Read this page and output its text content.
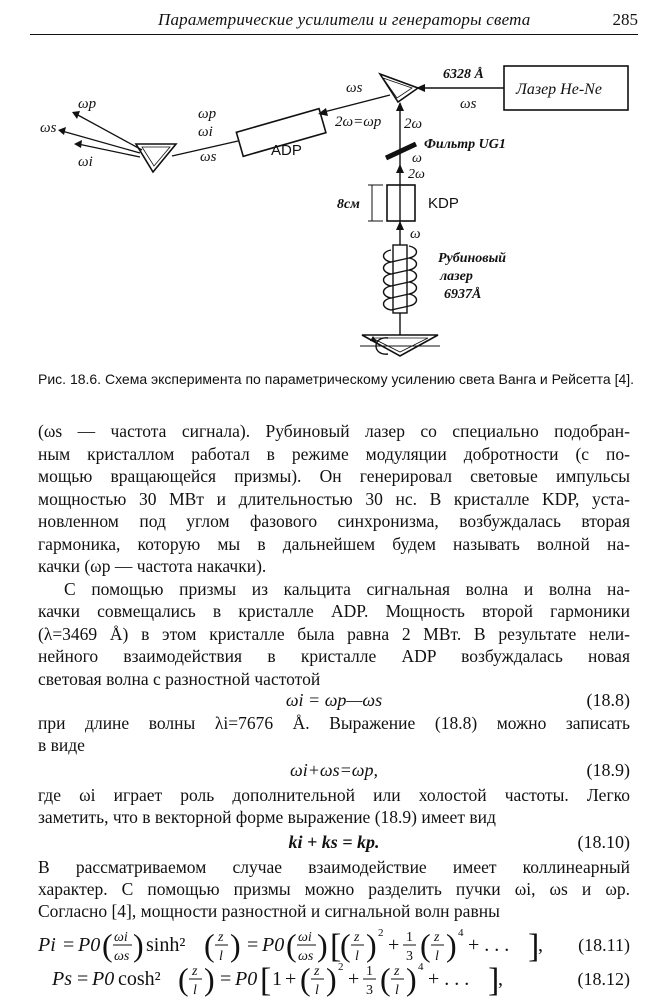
Параметрические усилители и генераторы света	285
Лазер He-Ne
6328 Å
ωs
ωs
2ω=ωp 2ω
ADP
ωp
ωi
ωs
ωp
ωs
ωi
Фильтр UG1
ω
2ω
KDP
8см
ω
Рубиновый
лазер
6937Å
Рис. 18.6. Схема эксперимента по параметрическому усилению света Ванга и Рейсетта [4].
(ωs — частота сигнала). Рубиновый лазер со специально подобран-
ным кристаллом работал в режиме модуляции добротности (с по-
мощью вращающейся призмы). Он генерировал световые импульсы
мощностью 30 МВт и длительностью 30 нс. В кристалле KDP, уста-
новленном под углом фазового синхронизма, возбуждалась вторая
гармоника, которую мы в дальнейшем будем называть волной на-
качки (ωp — частота накачки).
С помощью призмы из кальцита сигнальная волна и волна на-
качки совмещались в кристалле ADP. Мощность второй гармоники
(λ=3469 Å) в этом кристалле была равна 2 МВт. В результате нели-
нейного взаимодействия в кристалле ADP возбуждалась новая
световая волна с разностной частотой
ωi = ωp—ωs	(18.8)
при длине волны λi=7676 Å. Выражение (18.8) можно записать
в виде
ωi+ωs=ωp,	(18.9)
где ωi играет роль дополнительной или холостой частоты. Легко
заметить, что в векторной форме выражение (18.9) имеет вид
ki + ks = kp.	(18.10)
В рассматриваемом случае взаимодействие имеет коллинеарный
характер. С помощью призмы можно разделить пучки ωi, ωs и ωp.
Согласно [4], мощности разностной и сигнальной волн равны
Pi = P0 ( ωi
ωs ) sinh² ( z
l ) = P0 ( ωi
ωs ) [
( z
l ) 2
+ 1
3 ( z
l ) 4
+ . . . ]
, (18.11)
Ps = P0 cosh² ( z
l ) = P0 [ 1 + ( z
l ) 2
+ 1
3 ( z
l ) 4
+ . . . ]
,	(18.12)
